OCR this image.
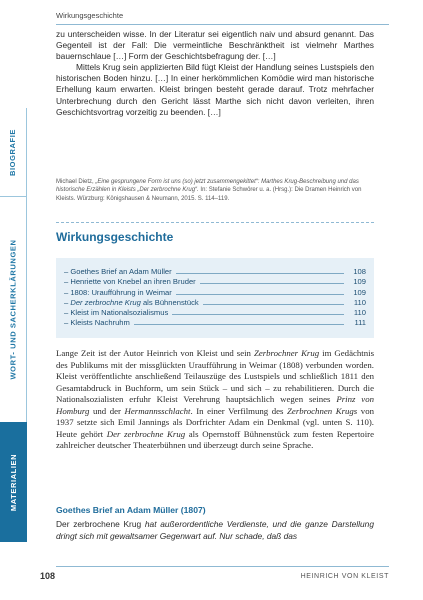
BIOGRAFIE
WORT- UND SACHERKLÄRUNGEN
MATERIALIEN
Wirkungsgeschichte
zu unterscheiden wisse. In der Literatur sei eigentlich naiv und absurd genannt. Das Gegenteil ist der Fall: Die vermeintliche Beschränktheit ist vielmehr Marthes bauernschlaue […] Form der Geschichtsbefragung der. […]
Mittels Krug sein applizierten Bild fügt Kleist der Handlung seines Lustspiels den historischen Boden hinzu. […] In einer herkömmlichen Komödie wird man historische Erhellung kaum erwarten. Kleist bringen besteht gerade darauf. Trotz mehrfacher Unterbrechung durch den Gericht lässt Marthe sich nicht davon verleiten, ihren Geschichtsvortrag vorzeitig zu beenden. […]
Michael Dietz, „Eine gesprungene Form ist uns (so) jetzt zusammengekittet“: Marthes Krug-Beschreibung und das historische Erzählen in Kleists „Der zerbrochne Krug“. In: Stefanie Schwörer u. a. (Hrsg.): Die Dramen Heinrich von Kleists. Würzburg: Königshausen & Neumann, 2015. S. 114–119.
Wirkungsgeschichte
– Goethes Brief an Adam Müller	108
– Henriette von Knebel an ihren Bruder	109
– 1808: Uraufführung in Weimar	109
– Der zerbrochne Krug als Bühnenstück	110
– Kleist im Nationalsozialismus	110
– Kleists Nachruhm	111
Lange Zeit ist der Autor Heinrich von Kleist und sein Zerbrochner Krug im Gedächtnis des Publikums mit der missglückten Uraufführung in Weimar (1808) verbunden worden. Kleist veröffentlichte anschließend Teilauszüge des Lustspiels und schließlich 1811 den Gesamtabdruck in Buchform, um sein Stück – und sich – zu rehabilitieren. Durch die Nationalsozialisten erfuhr Kleist Verehrung hauptsächlich wegen seines Prinz von Homburg und der Hermannsschlacht. In einer Verfilmung des Zerbrochnen Krugs von 1937 setzte sich Emil Jannings als Dorfrichter Adam ein Denkmal (vgl. unten S. 110). Heute gehört Der zerbrochne Krug als Opernstoff Bühnenstück zum festen Repertoire zahlreicher deutscher Theaterbühnen und überzeugt durch seine Sprache.
Goethes Brief an Adam Müller (1807)
Der zerbrochene Krug hat außerordentliche Verdienste, und die ganze Darstellung dringt sich mit gewaltsamer Gegenwart auf. Nur schade, daß das
108	HEINRICH VON KLEIST
